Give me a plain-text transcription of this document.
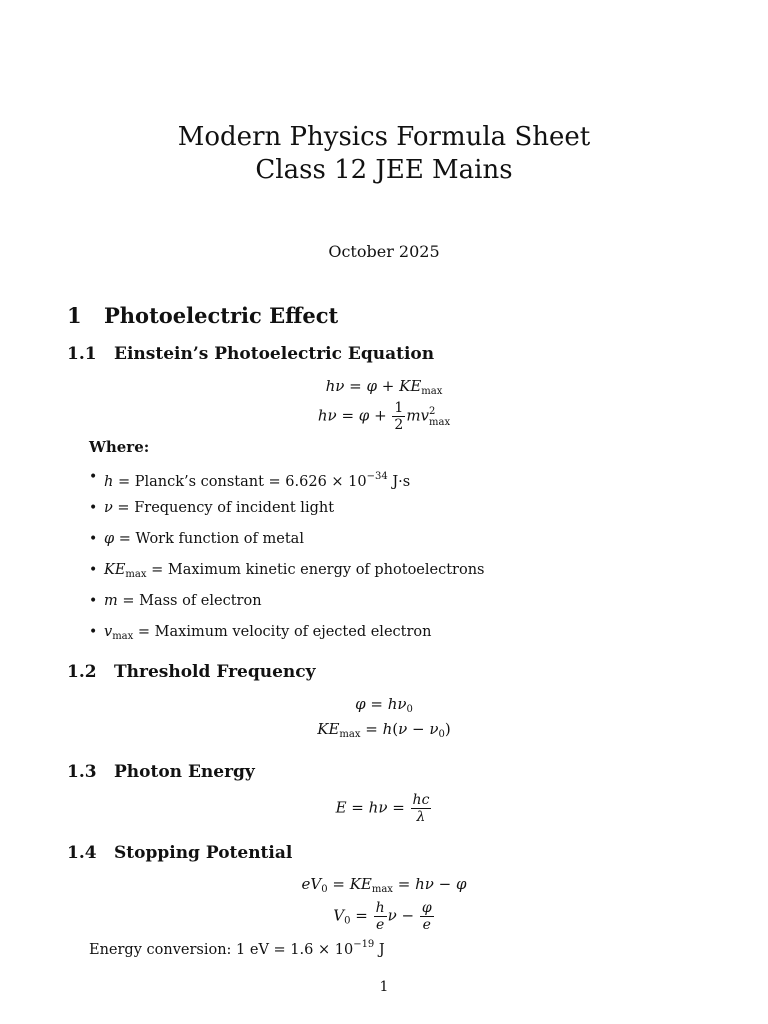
Modern Physics Formula Sheet
Class 12 JEE Mains
October 2025
1 Photoelectric Effect
1.1 Einstein’s Photoelectric Equation
$h\nu = \varphi + KE_{max}$
$h\nu = \varphi + \frac{1}{2}$ mv 2
max
Where:
• h = Planck’s constant = $6.626 \times 10^{-34}$ J·s
• ν = Frequency of incident light
• φ = Work function of metal
• $KE_{max}$ = Maximum kinetic energy of photoelectrons
• m = Mass of electron
• $v_{max}$ = Maximum velocity of ejected electron
1.2 Threshold Frequency
$\varphi = h\nu_0$
$KE_{max} = h(\nu - \nu_0)$
1.3 Photon Energy
$E = h\nu = \frac{hc}{\lambda}$
1.4 Stopping Potential
$eV_0 = KE_{max} = h\nu - \varphi$
$V_0 = \frac{h}{e}$ $\nu - \frac{\varphi}{e}$
Energy conversion: 1 eV = $1.6 \times 10^{-19}$ J
1
